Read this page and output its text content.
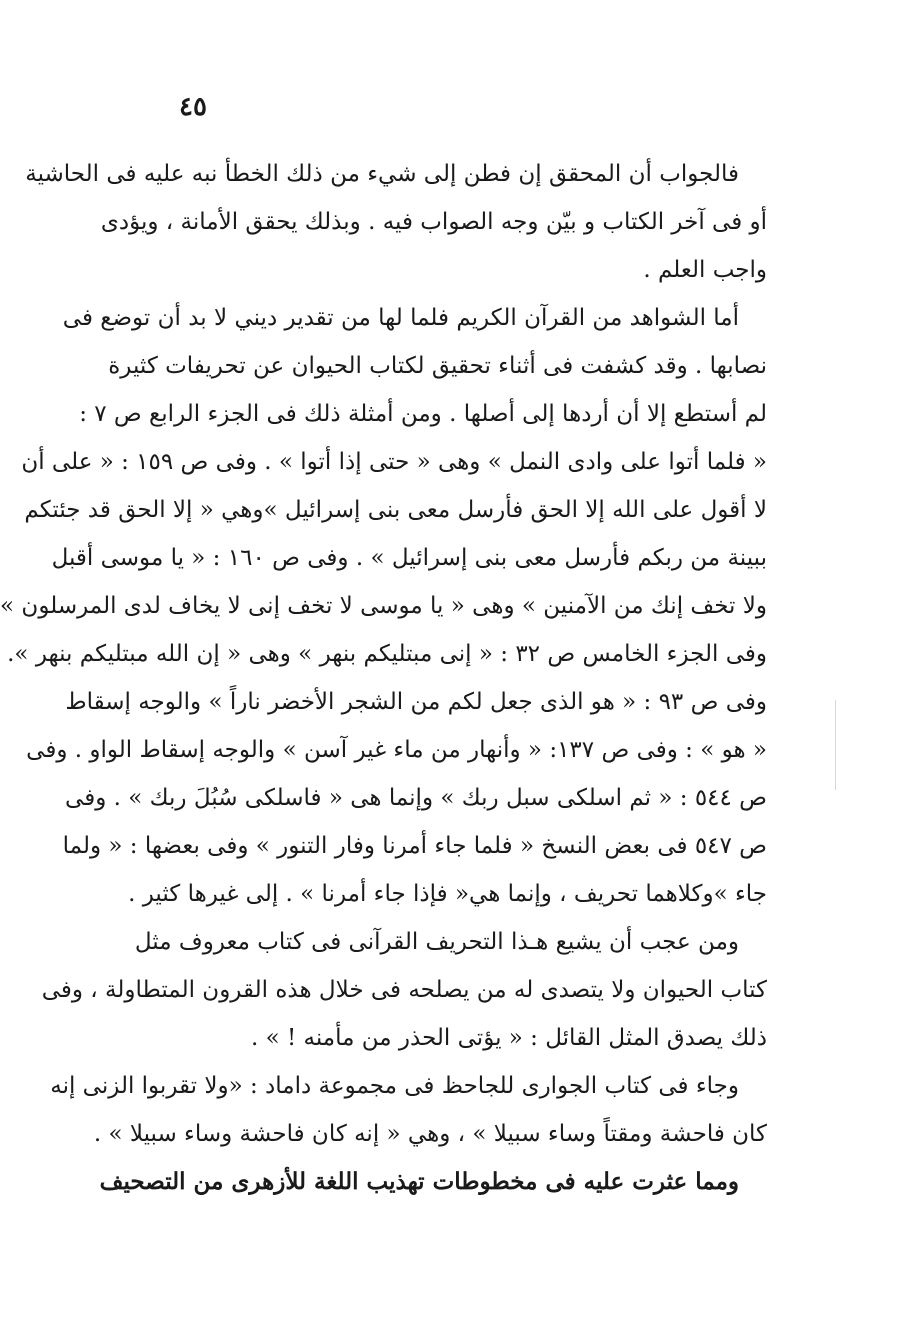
٤٥
فالجواب أن المحقق إن فطن إلى شيء من ذلك الخطأ نبه عليه فى الحاشية
أو فى آخر الكتاب و بيّن وجه الصواب فيه . وبذلك يحقق الأمانة ، ويؤدى
واجب العلم .
أما الشواهد من القرآن الكريم فلما لها من تقدير ديني لا بد أن توضع فى
نصابها . وقد كشفت فى أثناء تحقيق لكتاب الحيوان عن تحريفات كثيرة
لم أستطع إلا أن أردها إلى أصلها . ومن أمثلة ذلك فى الجزء الرابع ص ٧ :
« فلما أتوا على وادى النمل » وهى « حتى إذا أتوا » . وفى ص ١٥٩ : « على أن
لا أقول على الله إلا الحق فأرسل معى بنى إسرائيل »وهي « إلا الحق قد جئتكم
ببينة من ربكم فأرسل معى بنى إسرائيل » . وفى ص ١٦٠ : « يا موسى أقبل
ولا تخف إنك من الآمنين » وهى « يا موسى لا تخف إنى لا يخاف لدى المرسلون »
وفى الجزء الخامس ص ٣٢ : « إنى مبتليكم بنهر » وهى « إن الله مبتليكم بنهر ».
وفى ص ٩٣ : « هو الذى جعل لكم من الشجر الأخضر ناراً » والوجه إسقاط
« هو » : وفى ص ١٣٧: « وأنهار من ماء غير آسن » والوجه إسقاط الواو . وفى
ص ٥٤٤ : « ثم اسلكى سبل ربك » وإنما هى « فاسلكى سُبُلَ ربك » . وفى
ص ٥٤٧ فى بعض النسخ « فلما جاء أمرنا وفار التنور » وفى بعضها : « ولما
جاء »وكلاهما تحريف ، وإنما هي« فإذا جاء أمرنا » . إلى غيرها كثير .
ومن عجب أن يشيع هـذا التحريف القرآنى فى كتاب معروف مثل
كتاب الحيوان ولا يتصدى له من يصلحه فى خلال هذه القرون المتطاولة ، وفى
ذلك يصدق المثل القائل : « يؤتى الحذر من مأمنه ! » .
وجاء فى كتاب الجوارى للجاحظ فى مجموعة داماد : «ولا تقربوا الزنى إنه
كان فاحشة ومقتاً وساء سبيلا » ، وهي « إنه كان فاحشة وساء سبيلا » .
ومما عثرت عليه فى مخطوطات تهذيب اللغة للأزهرى من التصحيف
